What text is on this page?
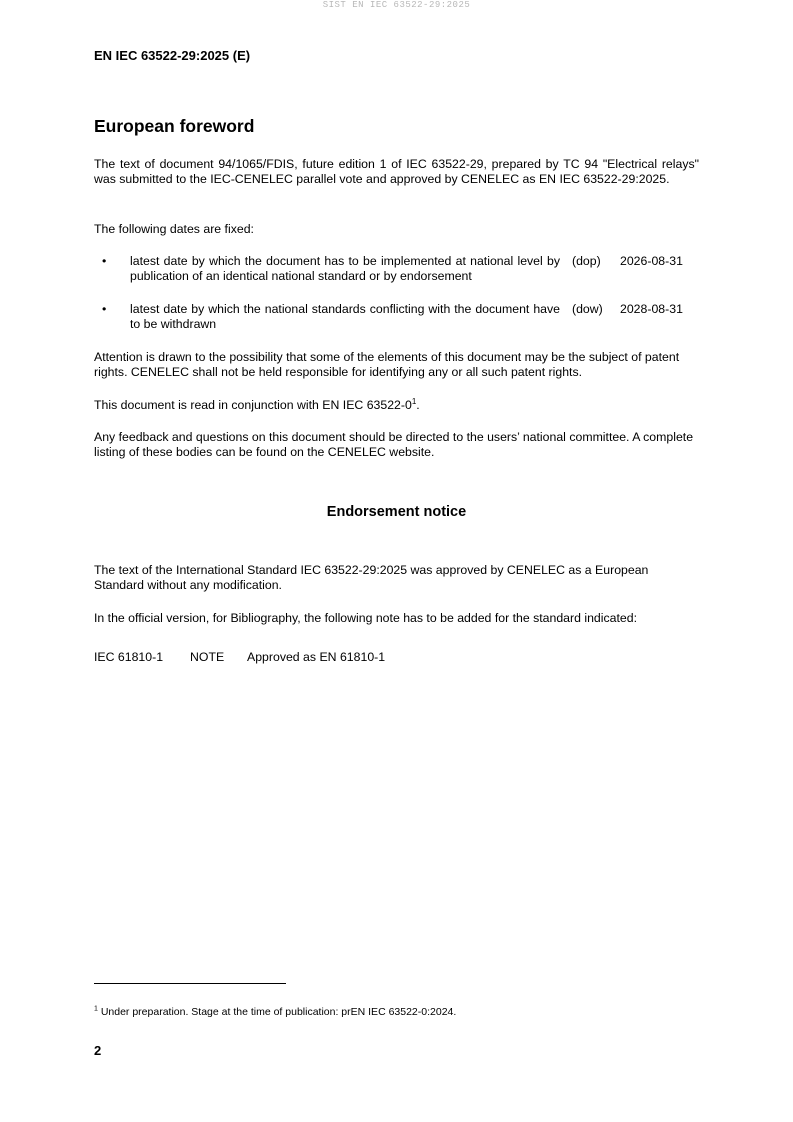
SIST EN IEC 63522-29:2025
EN IEC 63522-29:2025 (E)
European foreword
The text of document 94/1065/FDIS, future edition 1 of IEC 63522-29, prepared by TC 94 "Electrical relays" was submitted to the IEC-CENELEC parallel vote and approved by CENELEC as EN IEC 63522-29:2025.
The following dates are fixed:
• latest date by which the document has to be implemented at national level by publication of an identical national standard or by endorsement
(dop) 2026-08-31
• latest date by which the national standards conflicting with the document have to be withdrawn
(dow) 2028-08-31
Attention is drawn to the possibility that some of the elements of this document may be the subject of patent rights. CENELEC shall not be held responsible for identifying any or all such patent rights.
This document is read in conjunction with EN IEC $63522-0^1$.
Any feedback and questions on this document should be directed to the users’ national committee. A complete listing of these bodies can be found on the CENELEC website.
Endorsement notice
The text of the International Standard IEC 63522-29:2025 was approved by CENELEC as a European Standard without any modification.
In the official version, for Bibliography, the following note has to be added for the standard indicated:
IEC 61810-1 NOTE Approved as EN 61810-1
$^1$ Under preparation. Stage at the time of publication: prEN IEC 63522-0:2024.
2
